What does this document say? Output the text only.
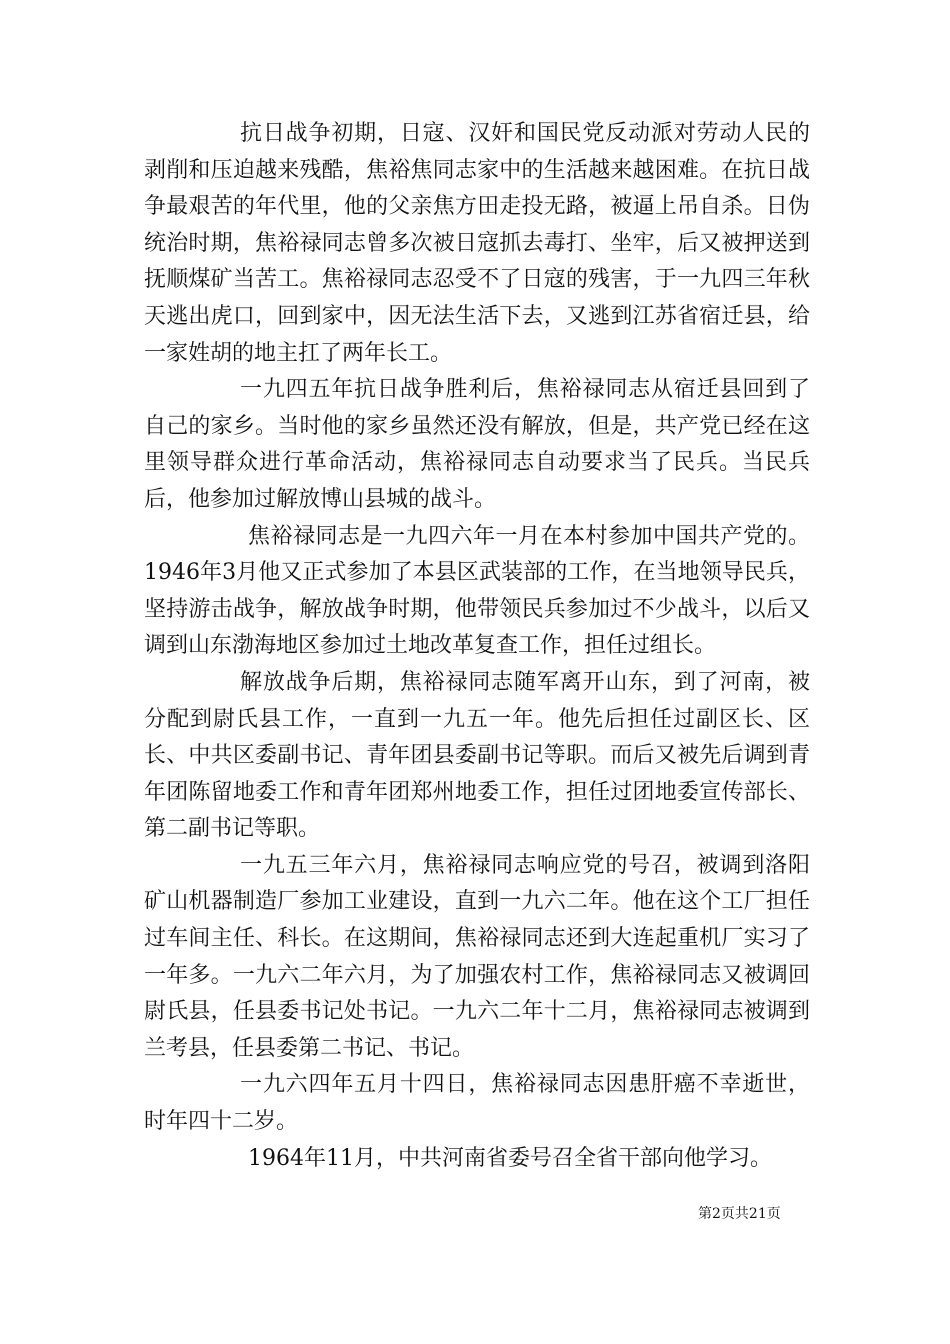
抗日战争初期，日寇、汉奸和国民党反动派对劳动人民的剥削和压迫越来残酷，焦裕焦同志家中的生活越来越困难。在抗日战争最艰苦的年代里，他的父亲焦方田走投无路，被逼上吊自杀。日伪统治时期，焦裕禄同志曾多次被日寇抓去毒打、坐牢，后又被押送到抚顺煤矿当苦工。焦裕禄同志忍受不了日寇的残害，于一九四三年秋天逃出虎口，回到家中，因无法生活下去，又逃到江苏省宿迁县，给一家姓胡的地主扛了两年长工。

一九四五年抗日战争胜利后，焦裕禄同志从宿迁县回到了自己的家乡。当时他的家乡虽然还没有解放，但是，共产党已经在这里领导群众进行革命活动，焦裕禄同志自动要求当了民兵。当民兵后，他参加过解放博山县城的战斗。

焦裕禄同志是一九四六年一月在本村参加中国共产党的。1946年3月他又正式参加了本县区武装部的工作，在当地领导民兵，坚持游击战争，解放战争时期，他带领民兵参加过不少战斗，以后又调到山东渤海地区参加过土地改革复查工作，担任过组长。

解放战争后期，焦裕禄同志随军离开山东，到了河南，被分配到尉氏县工作，一直到一九五一年。他先后担任过副区长、区长、中共区委副书记、青年团县委副书记等职。而后又被先后调到青年团陈留地委工作和青年团郑州地委工作，担任过团地委宣传部长、第二副书记等职。

一九五三年六月，焦裕禄同志响应党的号召，被调到洛阳矿山机器制造厂参加工业建设，直到一九六二年。他在这个工厂担任过车间主任、科长。在这期间，焦裕禄同志还到大连起重机厂实习了一年多。一九六二年六月，为了加强农村工作，焦裕禄同志又被调回尉氏县，任县委书记处书记。一九六二年十二月，焦裕禄同志被调到兰考县，任县委第二书记、书记。

一九六四年五月十四日，焦裕禄同志因患肝癌不幸逝世，时年四十二岁。

1964年11月，中共河南省委号召全省干部向他学习。

第2页共21页
